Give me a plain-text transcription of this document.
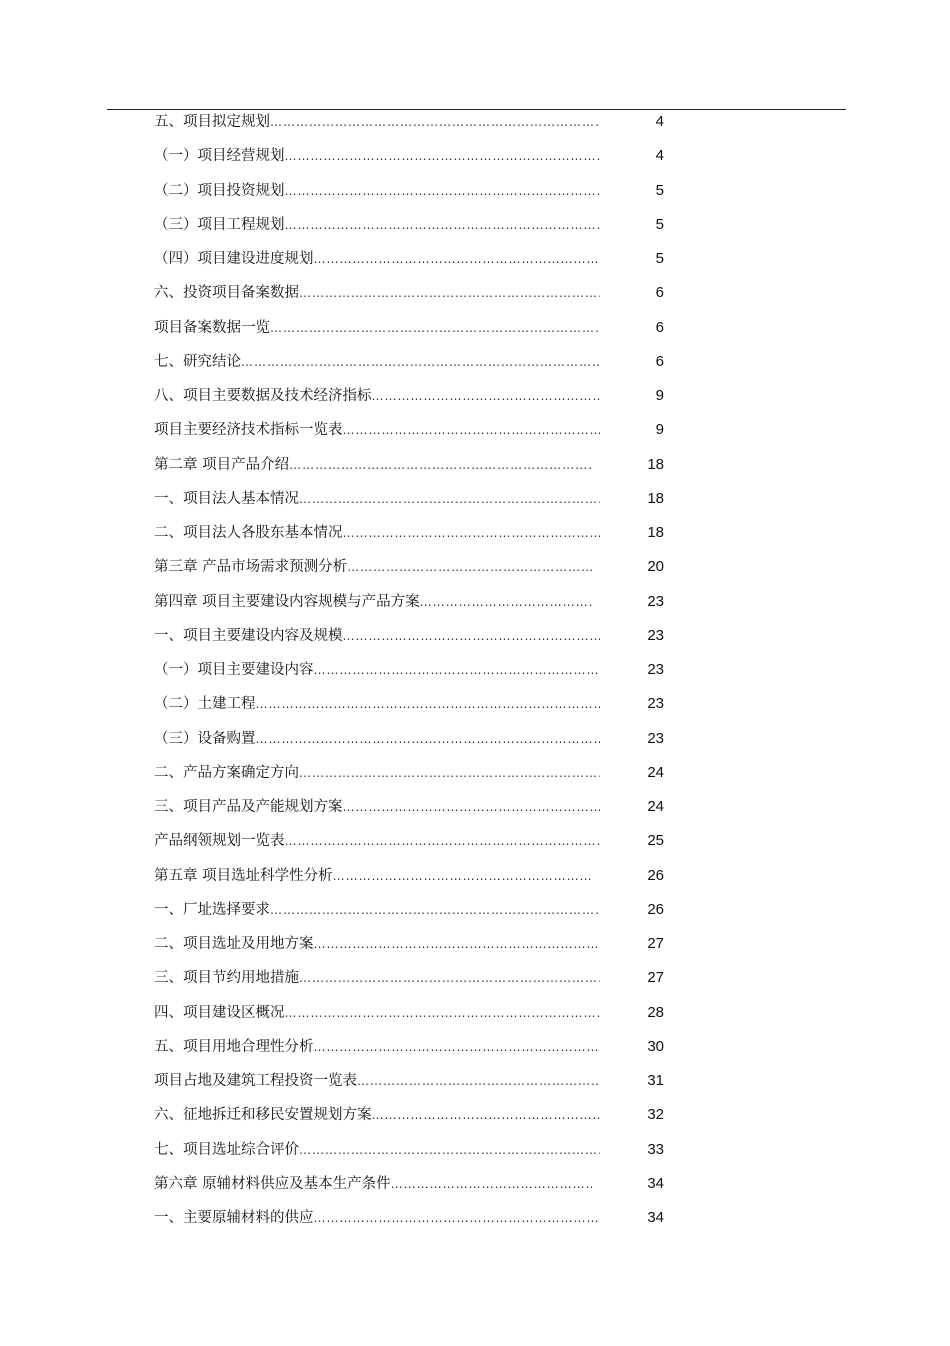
五、项目拟定规划 ……………………………………………………………………………………………………………………………………	4
（一）项目经营规划 ……………………………………………………………………………………………………………………………………	4
（二）项目投资规划 ……………………………………………………………………………………………………………………………………	5
（三）项目工程规划 ……………………………………………………………………………………………………………………………………	5
（四）项目建设进度规划 ……………………………………………………………………………………………………………………………………	5
六、投资项目备案数据 ……………………………………………………………………………………………………………………………………	6
项目备案数据一览 ……………………………………………………………………………………………………………………………………	6
七、研究结论 ……………………………………………………………………………………………………………………………………	6
八、项目主要数据及技术经济指标 ……………………………………………………………………………………………………………………………………	9
项目主要经济技术指标一览表 ……………………………………………………………………………………………………………………………………	9
第二章 项目产品介绍 ……………………………………………………………………………………………………………………………………	18
一、项目法人基本情况 ……………………………………………………………………………………………………………………………………	18
二、项目法人各股东基本情况 ……………………………………………………………………………………………………………………………………	18
第三章 产品市场需求预测分析 ……………………………………………………………………………………………………………………………………	20
第四章 项目主要建设内容规模与产品方案 ……………………………………………………………………………………………………………………………………	23
一、项目主要建设内容及规模 ……………………………………………………………………………………………………………………………………	23
（一）项目主要建设内容 ……………………………………………………………………………………………………………………………………	23
（二）土建工程 ……………………………………………………………………………………………………………………………………	23
（三）设备购置 ……………………………………………………………………………………………………………………………………	23
二、产品方案确定方向 ……………………………………………………………………………………………………………………………………	24
三、项目产品及产能规划方案 ……………………………………………………………………………………………………………………………………	24
产品纲领规划一览表 ……………………………………………………………………………………………………………………………………	25
第五章 项目选址科学性分析 ……………………………………………………………………………………………………………………………………	26
一、厂址选择要求 ……………………………………………………………………………………………………………………………………	26
二、项目选址及用地方案 ……………………………………………………………………………………………………………………………………	27
三、项目节约用地措施 ……………………………………………………………………………………………………………………………………	27
四、项目建设区概况 ……………………………………………………………………………………………………………………………………	28
五、项目用地合理性分析 ……………………………………………………………………………………………………………………………………	30
项目占地及建筑工程投资一览表 ……………………………………………………………………………………………………………………………………	31
六、征地拆迁和移民安置规划方案 ……………………………………………………………………………………………………………………………………	32
七、项目选址综合评价 ……………………………………………………………………………………………………………………………………	33
第六章 原辅材料供应及基本生产条件 ……………………………………………………………………………………………………………………………………	34
一、主要原辅材料的供应 ……………………………………………………………………………………………………………………………………	34
